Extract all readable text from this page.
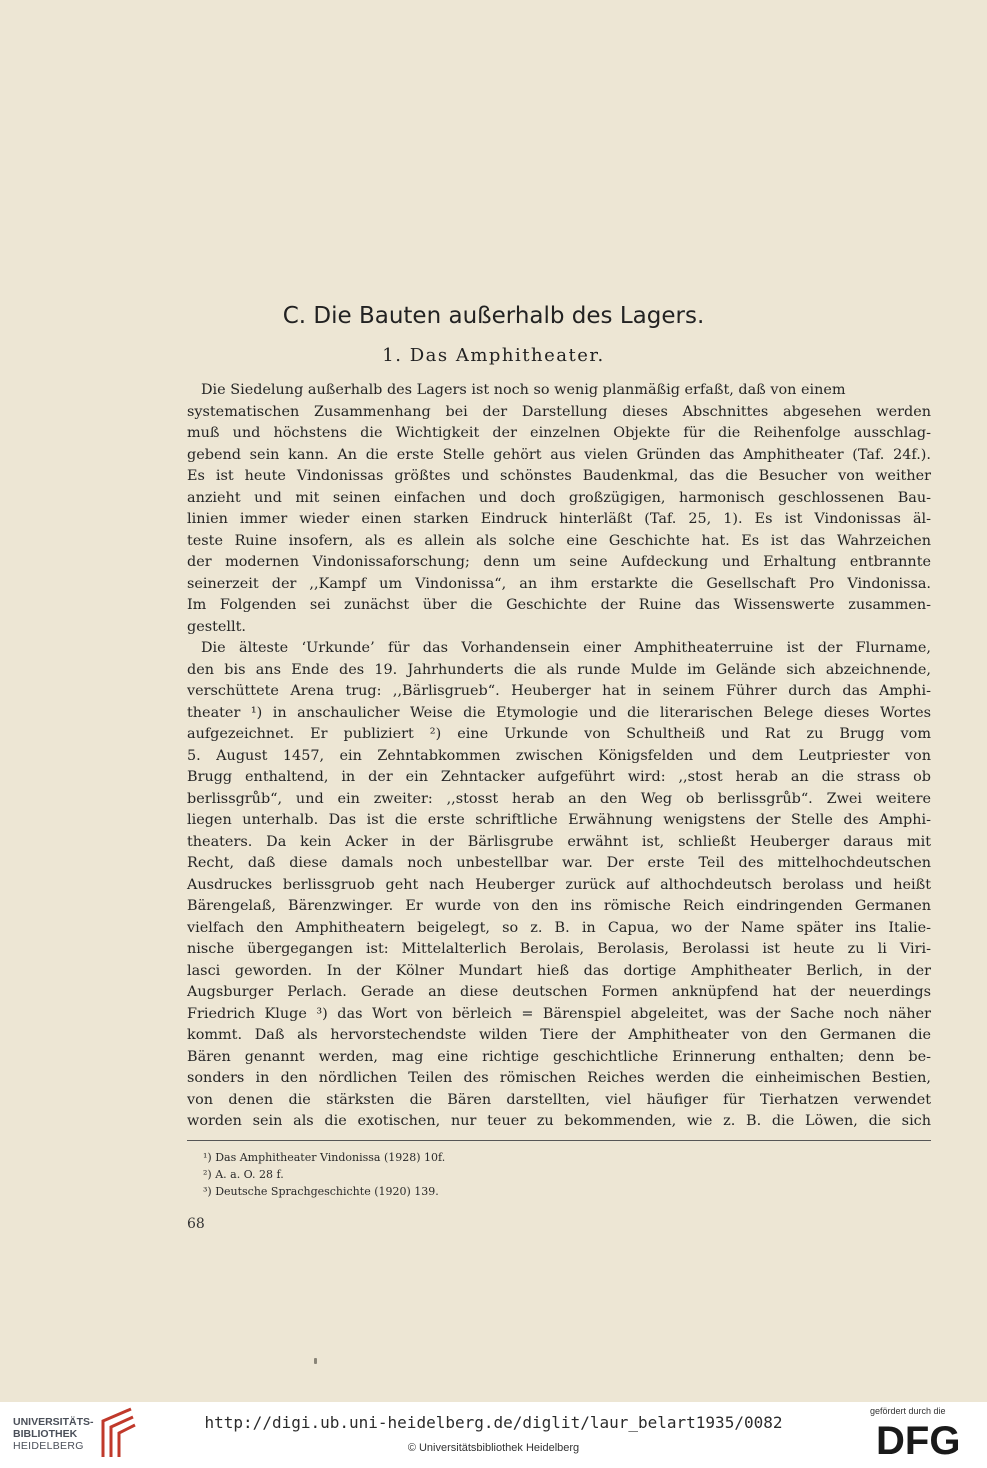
C. Die Bauten außerhalb des Lagers.
1. Das Amphitheater.
Die Siedelung außerhalb des Lagers ist noch so wenig planmäßig erfaßt, daß von einem
systematischen Zusammenhang bei der Darstellung dieses Abschnittes abgesehen werden
muß und höchstens die Wichtigkeit der einzelnen Objekte für die Reihenfolge ausschlag-
gebend sein kann. An die erste Stelle gehört aus vielen Gründen das Amphitheater (Taf. 24f.).
Es ist heute Vindonissas größtes und schönstes Baudenkmal, das die Besucher von weither
anzieht und mit seinen einfachen und doch großzügigen, harmonisch geschlossenen Bau-
linien immer wieder einen starken Eindruck hinterläßt (Taf. 25, 1). Es ist Vindonissas äl-
teste Ruine insofern, als es allein als solche eine Geschichte hat. Es ist das Wahrzeichen
der modernen Vindonissaforschung; denn um seine Aufdeckung und Erhaltung entbrannte
seinerzeit der ,,Kampf um Vindonissa“, an ihm erstarkte die Gesellschaft Pro Vindonissa.
Im Folgenden sei zunächst über die Geschichte der Ruine das Wissenswerte zusammen-
gestellt.
Die älteste ‘Urkunde’ für das Vorhandensein einer Amphitheaterruine ist der Flurname,
den bis ans Ende des 19. Jahrhunderts die als runde Mulde im Gelände sich abzeichnende,
verschüttete Arena trug: ,,Bärlisgrueb“. Heuberger hat in seinem Führer durch das Amphi-
theater ¹) in anschaulicher Weise die Etymologie und die literarischen Belege dieses Wortes
aufgezeichnet. Er publiziert ²) eine Urkunde von Schultheiß und Rat zu Brugg vom
5. August 1457, ein Zehntabkommen zwischen Königsfelden und dem Leutpriester von
Brugg enthaltend, in der ein Zehntacker aufgeführt wird: ,,stost herab an die strass ob
berlissgrůb“, und ein zweiter: ,,stosst herab an den Weg ob berlissgrůb“. Zwei weitere
liegen unterhalb. Das ist die erste schriftliche Erwähnung wenigstens der Stelle des Amphi-
theaters. Da kein Acker in der Bärlisgrube erwähnt ist, schließt Heuberger daraus mit
Recht, daß diese damals noch unbestellbar war. Der erste Teil des mittelhochdeutschen
Ausdruckes berlissgruob geht nach Heuberger zurück auf althochdeutsch berolass und heißt
Bärengelaß, Bärenzwinger. Er wurde von den ins römische Reich eindringenden Germanen
vielfach den Amphitheatern beigelegt, so z. B. in Capua, wo der Name später ins Italie-
nische übergegangen ist: Mittelalterlich Berolais, Berolasis, Berolassi ist heute zu li Viri-
lasci geworden. In der Kölner Mundart hieß das dortige Amphitheater Berlich, in der
Augsburger Perlach. Gerade an diese deutschen Formen anknüpfend hat der neuerdings
Friedrich Kluge ³) das Wort von bërleich = Bärenspiel abgeleitet, was der Sache noch näher
kommt. Daß als hervorstechendste wilden Tiere der Amphitheater von den Germanen die
Bären genannt werden, mag eine richtige geschichtliche Erinnerung enthalten; denn be-
sonders in den nördlichen Teilen des römischen Reiches werden die einheimischen Bestien,
von denen die stärksten die Bären darstellten, viel häufiger für Tierhatzen verwendet
worden sein als die exotischen, nur teuer zu bekommenden, wie z. B. die Löwen, die sich
¹) Das Amphitheater Vindonissa (1928) 10f.
²) A. a. O. 28 f.
³) Deutsche Sprachgeschichte (1920) 139.
68
UNIVERSITÄTS-
BIBLIOTHEK
HEIDELBERG
http://digi.ub.uni-heidelberg.de/diglit/laur_belart1935/0082
© Universitätsbibliothek Heidelberg
gefördert durch die
DFG
